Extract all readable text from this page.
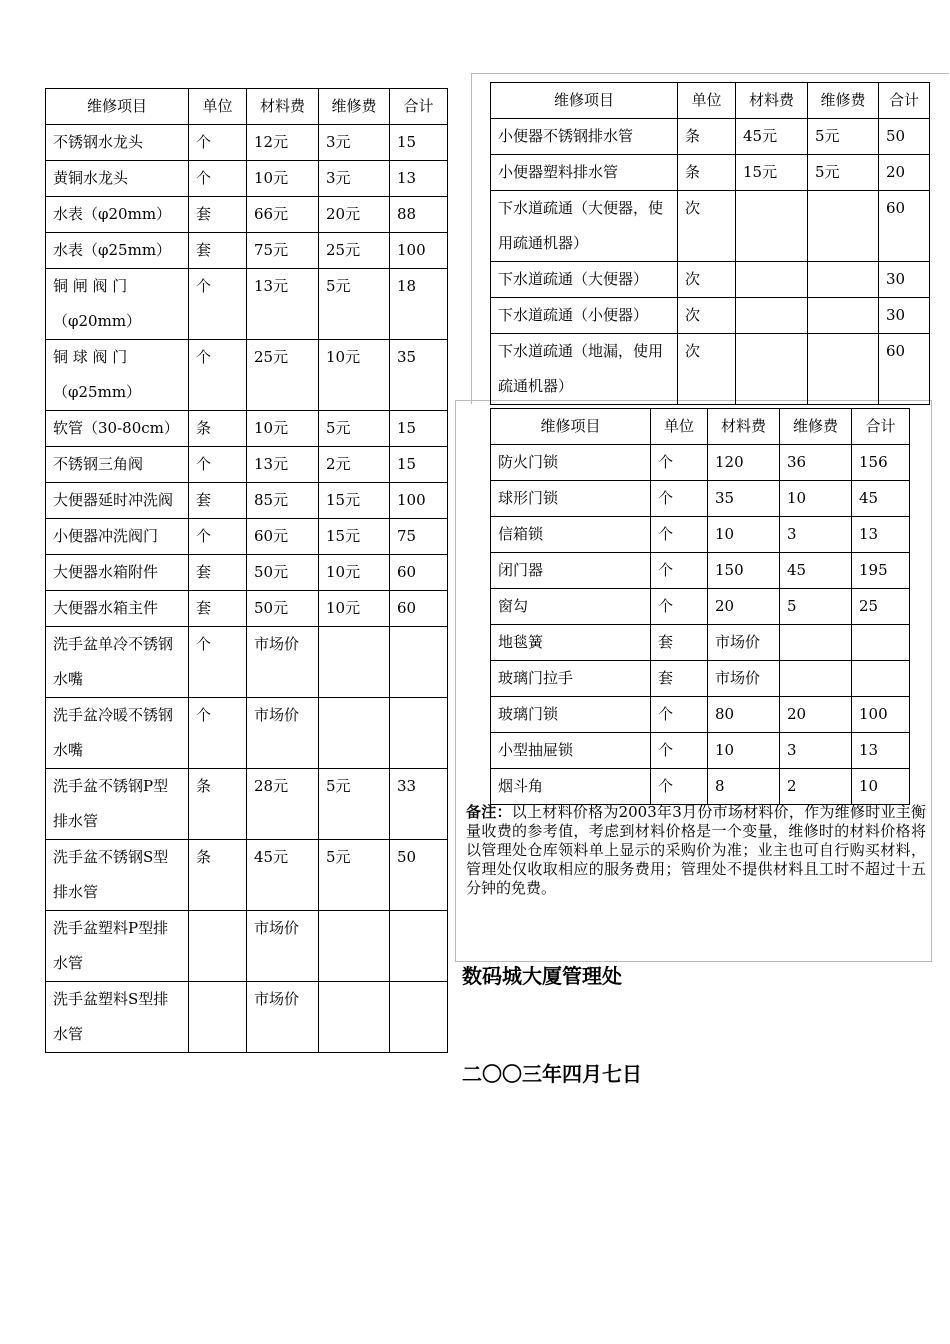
维修项目	单位	材料费	维修费	合计
不锈钢水龙头	个	12元	3元	15
黄铜水龙头	个	10元	3元	13
水表（φ20mm）	套	66元	20元	88
水表（φ25mm）	套	75元	25元	100
铜 闸 阀 门（φ20mm）	个	13元	5元	18
铜 球 阀 门（φ25mm）	个	25元	10元	35
软管（30-80cm）	条	10元	5元	15
不锈钢三角阀	个	13元	2元	15
大便器延时冲洗阀	套	85元	15元	100
小便器冲洗阀门	个	60元	15元	75
大便器水箱附件	套	50元	10元	60
大便器水箱主件	套	50元	10元	60
洗手盆单冷不锈钢水嘴	个	市场价		
洗手盆冷暖不锈钢水嘴	个	市场价		
洗手盆不锈钢P型排水管	条	28元	5元	33
洗手盆不锈钢S型排水管	条	45元	5元	50
洗手盆塑料P型排水管		市场价		
洗手盆塑料S型排水管		市场价		
维修项目	单位	材料费	维修费	合计
小便器不锈钢排水管	条	45元	5元	50
小便器塑料排水管	条	15元	5元	20
下水道疏通（大便器，使用疏通机器）	次			60
下水道疏通（大便器）	次			30
下水道疏通（小便器）	次			30
下水道疏通（地漏，使用疏通机器）	次			60
维修项目	单位	材料费	维修费	合计
防火门锁	个	120	36	156
球形门锁	个	35	10	45
信箱锁	个	10	3	13
闭门器	个	150	45	195
窗勾	个	20	5	25
地毯簧	套	市场价		
玻璃门拉手	套	市场价		
玻璃门锁	个	80	20	100
小型抽屉锁	个	10	3	13
烟斗角	个	8	2	10
备注：以上材料价格为2003年3月份市场材料价，作为维修时业主衡量收费的参考值，考虑到材料价格是一个变量，维修时的材料价格将以管理处仓库领料单上显示的采购价为准；业主也可自行购买材料，管理处仅收取相应的服务费用；管理处不提供材料且工时不超过十五分钟的免费。
数码城大厦管理处
二〇〇三年四月七日
